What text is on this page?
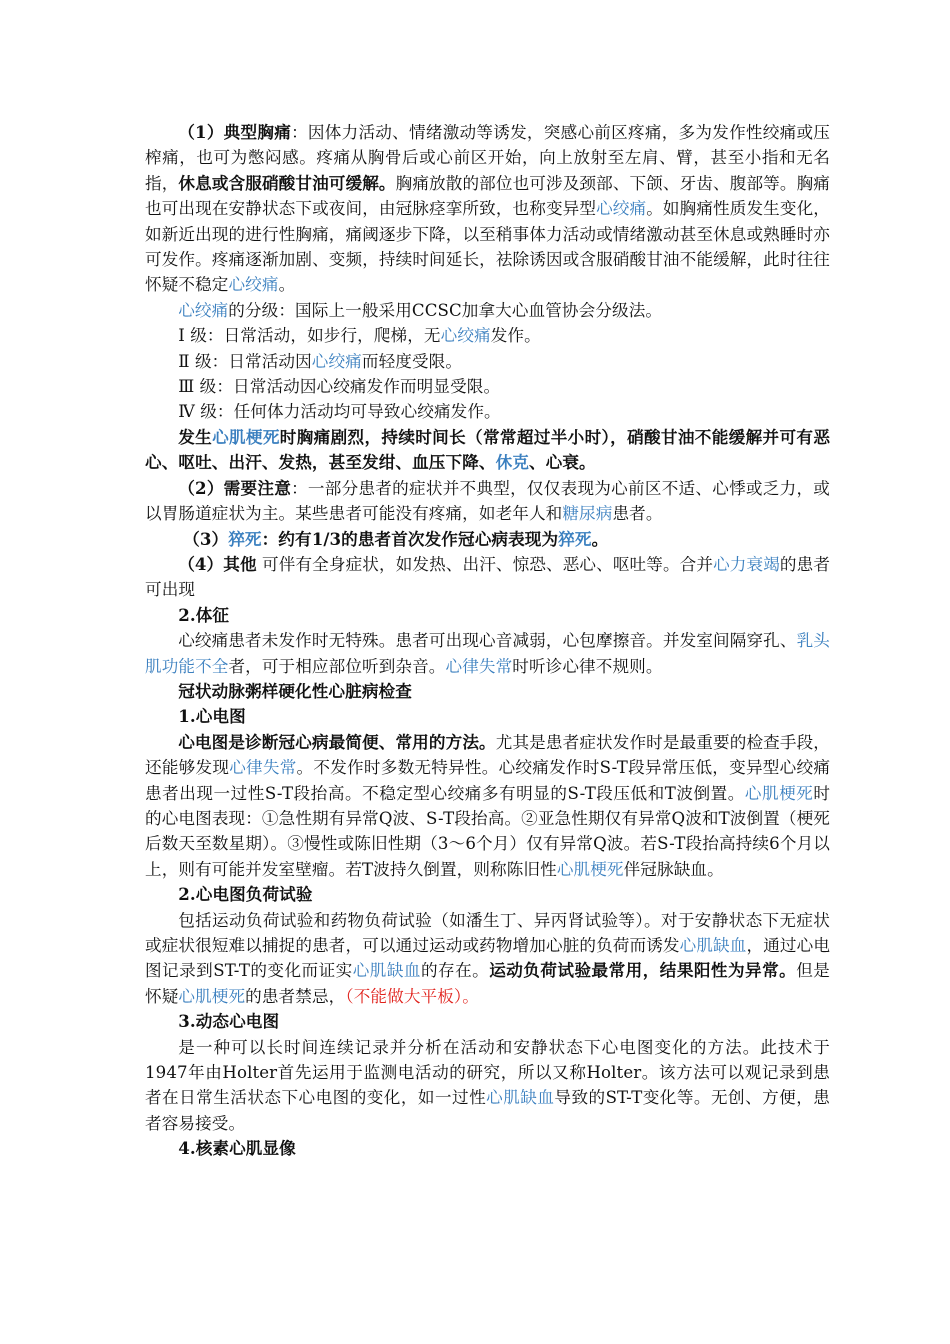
（1）典型胸痛：因体力活动、情绪激动等诱发，突感心前区疼痛，多为发作性绞痛或压榨痛，也可为憋闷感。疼痛从胸骨后或心前区开始，向上放射至左肩、臂，甚至小指和无名指，休息或含服硝酸甘油可缓解。胸痛放散的部位也可涉及颈部、下颌、牙齿、腹部等。胸痛也可出现在安静状态下或夜间，由冠脉痉挛所致，也称变异型心绞痛。如胸痛性质发生变化，如新近出现的进行性胸痛，痛阈逐步下降，以至稍事体力活动或情绪激动甚至休息或熟睡时亦可发作。疼痛逐渐加剧、变频，持续时间延长，祛除诱因或含服硝酸甘油不能缓解，此时往往怀疑不稳定心绞痛。

心绞痛的分级：国际上一般采用CCSC加拿大心血管协会分级法。

Ⅰ 级：日常活动，如步行，爬梯，无心绞痛发作。

Ⅱ 级：日常活动因心绞痛而轻度受限。

Ⅲ 级：日常活动因心绞痛发作而明显受限。

Ⅳ 级：任何体力活动均可导致心绞痛发作。

发生心肌梗死时胸痛剧烈，持续时间长（常常超过半小时），硝酸甘油不能缓解并可有恶心、呕吐、出汗、发热，甚至发绀、血压下降、休克、心衰。

（2）需要注意：一部分患者的症状并不典型，仅仅表现为心前区不适、心悸或乏力，或以胃肠道症状为主。某些患者可能没有疼痛，如老年人和糖尿病患者。

（3）猝死：约有1/3的患者首次发作冠心病表现为猝死。

（4）其他 可伴有全身症状，如发热、出汗、惊恐、恶心、呕吐等。合并心力衰竭的患者可出现

2.体征

心绞痛患者未发作时无特殊。患者可出现心音减弱，心包摩擦音。并发室间隔穿孔、乳头肌功能不全者，可于相应部位听到杂音。心律失常时听诊心律不规则。

冠状动脉粥样硬化性心脏病检查

1.心电图

心电图是诊断冠心病最简便、常用的方法。尤其是患者症状发作时是最重要的检查手段，还能够发现心律失常。不发作时多数无特异性。心绞痛发作时S-T段异常压低，变异型心绞痛患者出现一过性S-T段抬高。不稳定型心绞痛多有明显的S-T段压低和T波倒置。心肌梗死时的心电图表现：①急性期有异常Q波、S-T段抬高。②亚急性期仅有异常Q波和T波倒置（梗死后数天至数星期）。③慢性或陈旧性期（3～6个月）仅有异常Q波。若S-T段抬高持续6个月以上，则有可能并发室壁瘤。若T波持久倒置，则称陈旧性心肌梗死伴冠脉缺血。

2.心电图负荷试验

包括运动负荷试验和药物负荷试验（如潘生丁、异丙肾试验等）。对于安静状态下无症状或症状很短难以捕捉的患者，可以通过运动或药物增加心脏的负荷而诱发心肌缺血，通过心电图记录到ST-T的变化而证实心肌缺血的存在。运动负荷试验最常用，结果阳性为异常。但是怀疑心肌梗死的患者禁忌，（不能做大平板）。

3.动态心电图

是一种可以长时间连续记录并分析在活动和安静状态下心电图变化的方法。此技术于1947年由Holter首先运用于监测电活动的研究，所以又称Holter。该方法可以观记录到患者在日常生活状态下心电图的变化，如一过性心肌缺血导致的ST-T变化等。无创、方便，患者容易接受。

4.核素心肌显像
